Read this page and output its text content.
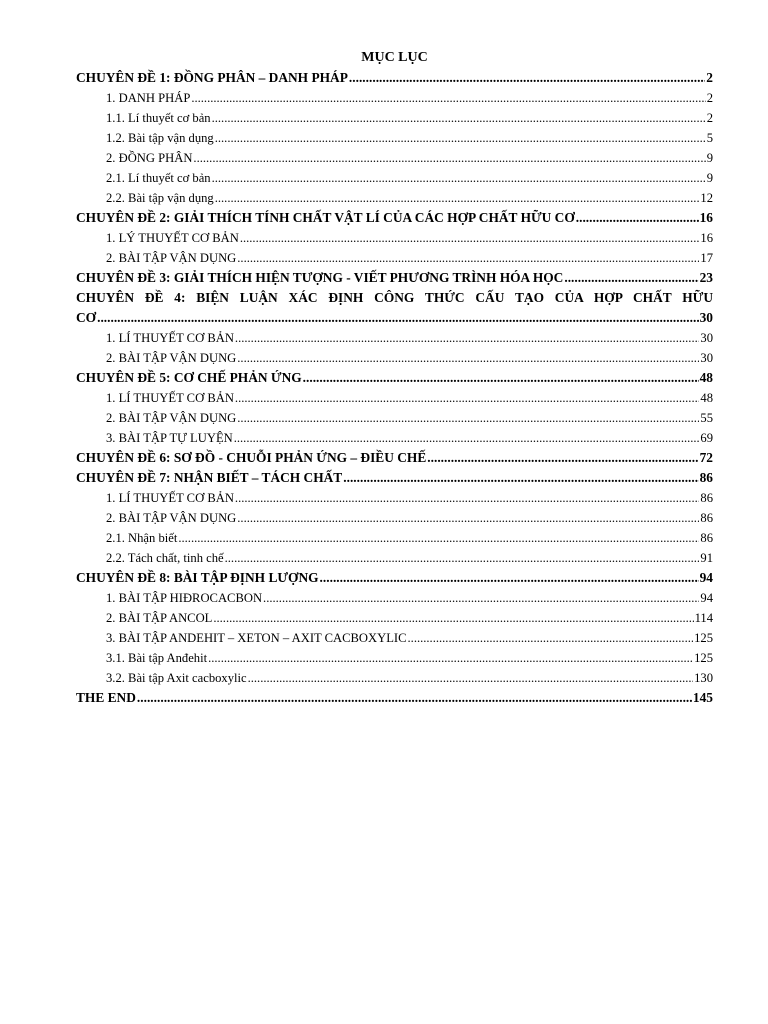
MỤC LỤC
CHUYÊN ĐỀ 1: ĐỒNG PHÂN – DANH PHÁP .....	2
1. DANH PHÁP .....	2
1.1. Lí thuyết cơ bản .....	2
1.2. Bài tập vận dụng .....	5
2. ĐỒNG PHÂN .....	9
2.1. Lí thuyết cơ bản .....	9
2.2. Bài tập vận dụng .....	12
CHUYÊN ĐỀ 2: GIẢI THÍCH TÍNH CHẤT VẬT LÍ CỦA CÁC HỢP CHẤT HỮU CƠ .....	16
1. LÝ THUYẾT CƠ BẢN .....	16
2. BÀI TẬP VẬN DỤNG .....	17
CHUYÊN ĐỀ 3: GIẢI THÍCH HIỆN TƯỢNG - VIẾT PHƯƠNG TRÌNH HÓA HỌC .....	23
CHUYÊN ĐỀ 4: BIỆN LUẬN XÁC ĐỊNH CÔNG THỨC CẤU TẠO CỦA HỢP CHẤT HỮU
CƠ .....	30
1. LÍ THUYẾT CƠ BẢN .....	30
2. BÀI TẬP VẬN DỤNG .....	30
CHUYÊN ĐỀ 5: CƠ CHẾ PHẢN ỨNG .....	48
1. LÍ THUYẾT CƠ BẢN .....	48
2. BÀI TẬP VẬN DỤNG .....	55
3. BÀI TẬP TỰ LUYỆN .....	69
CHUYÊN ĐỀ 6: SƠ ĐỒ - CHUỖI PHẢN ỨNG – ĐIỀU CHẾ .....	72
CHUYÊN ĐỀ 7: NHẬN BIẾT – TÁCH CHẤT .....	86
1. LÍ THUYẾT CƠ BẢN .....	86
2. BÀI TẬP VẬN DỤNG .....	86
2.1. Nhận biết .....	86
2.2. Tách chất, tinh chế .....	91
CHUYÊN ĐỀ 8: BÀI TẬP ĐỊNH LƯỢNG .....	94
1. BÀI TẬP HIĐROCACBON .....	94
2. BÀI TẬP ANCOL .....	114
3. BÀI TẬP ANDEHIT – XETON – AXIT CACBOXYLIC .....	125
3.1. Bài tập Anđehit .....	125
3.2. Bài tập Axit cacboxylic .....	130
THE END .....	145
